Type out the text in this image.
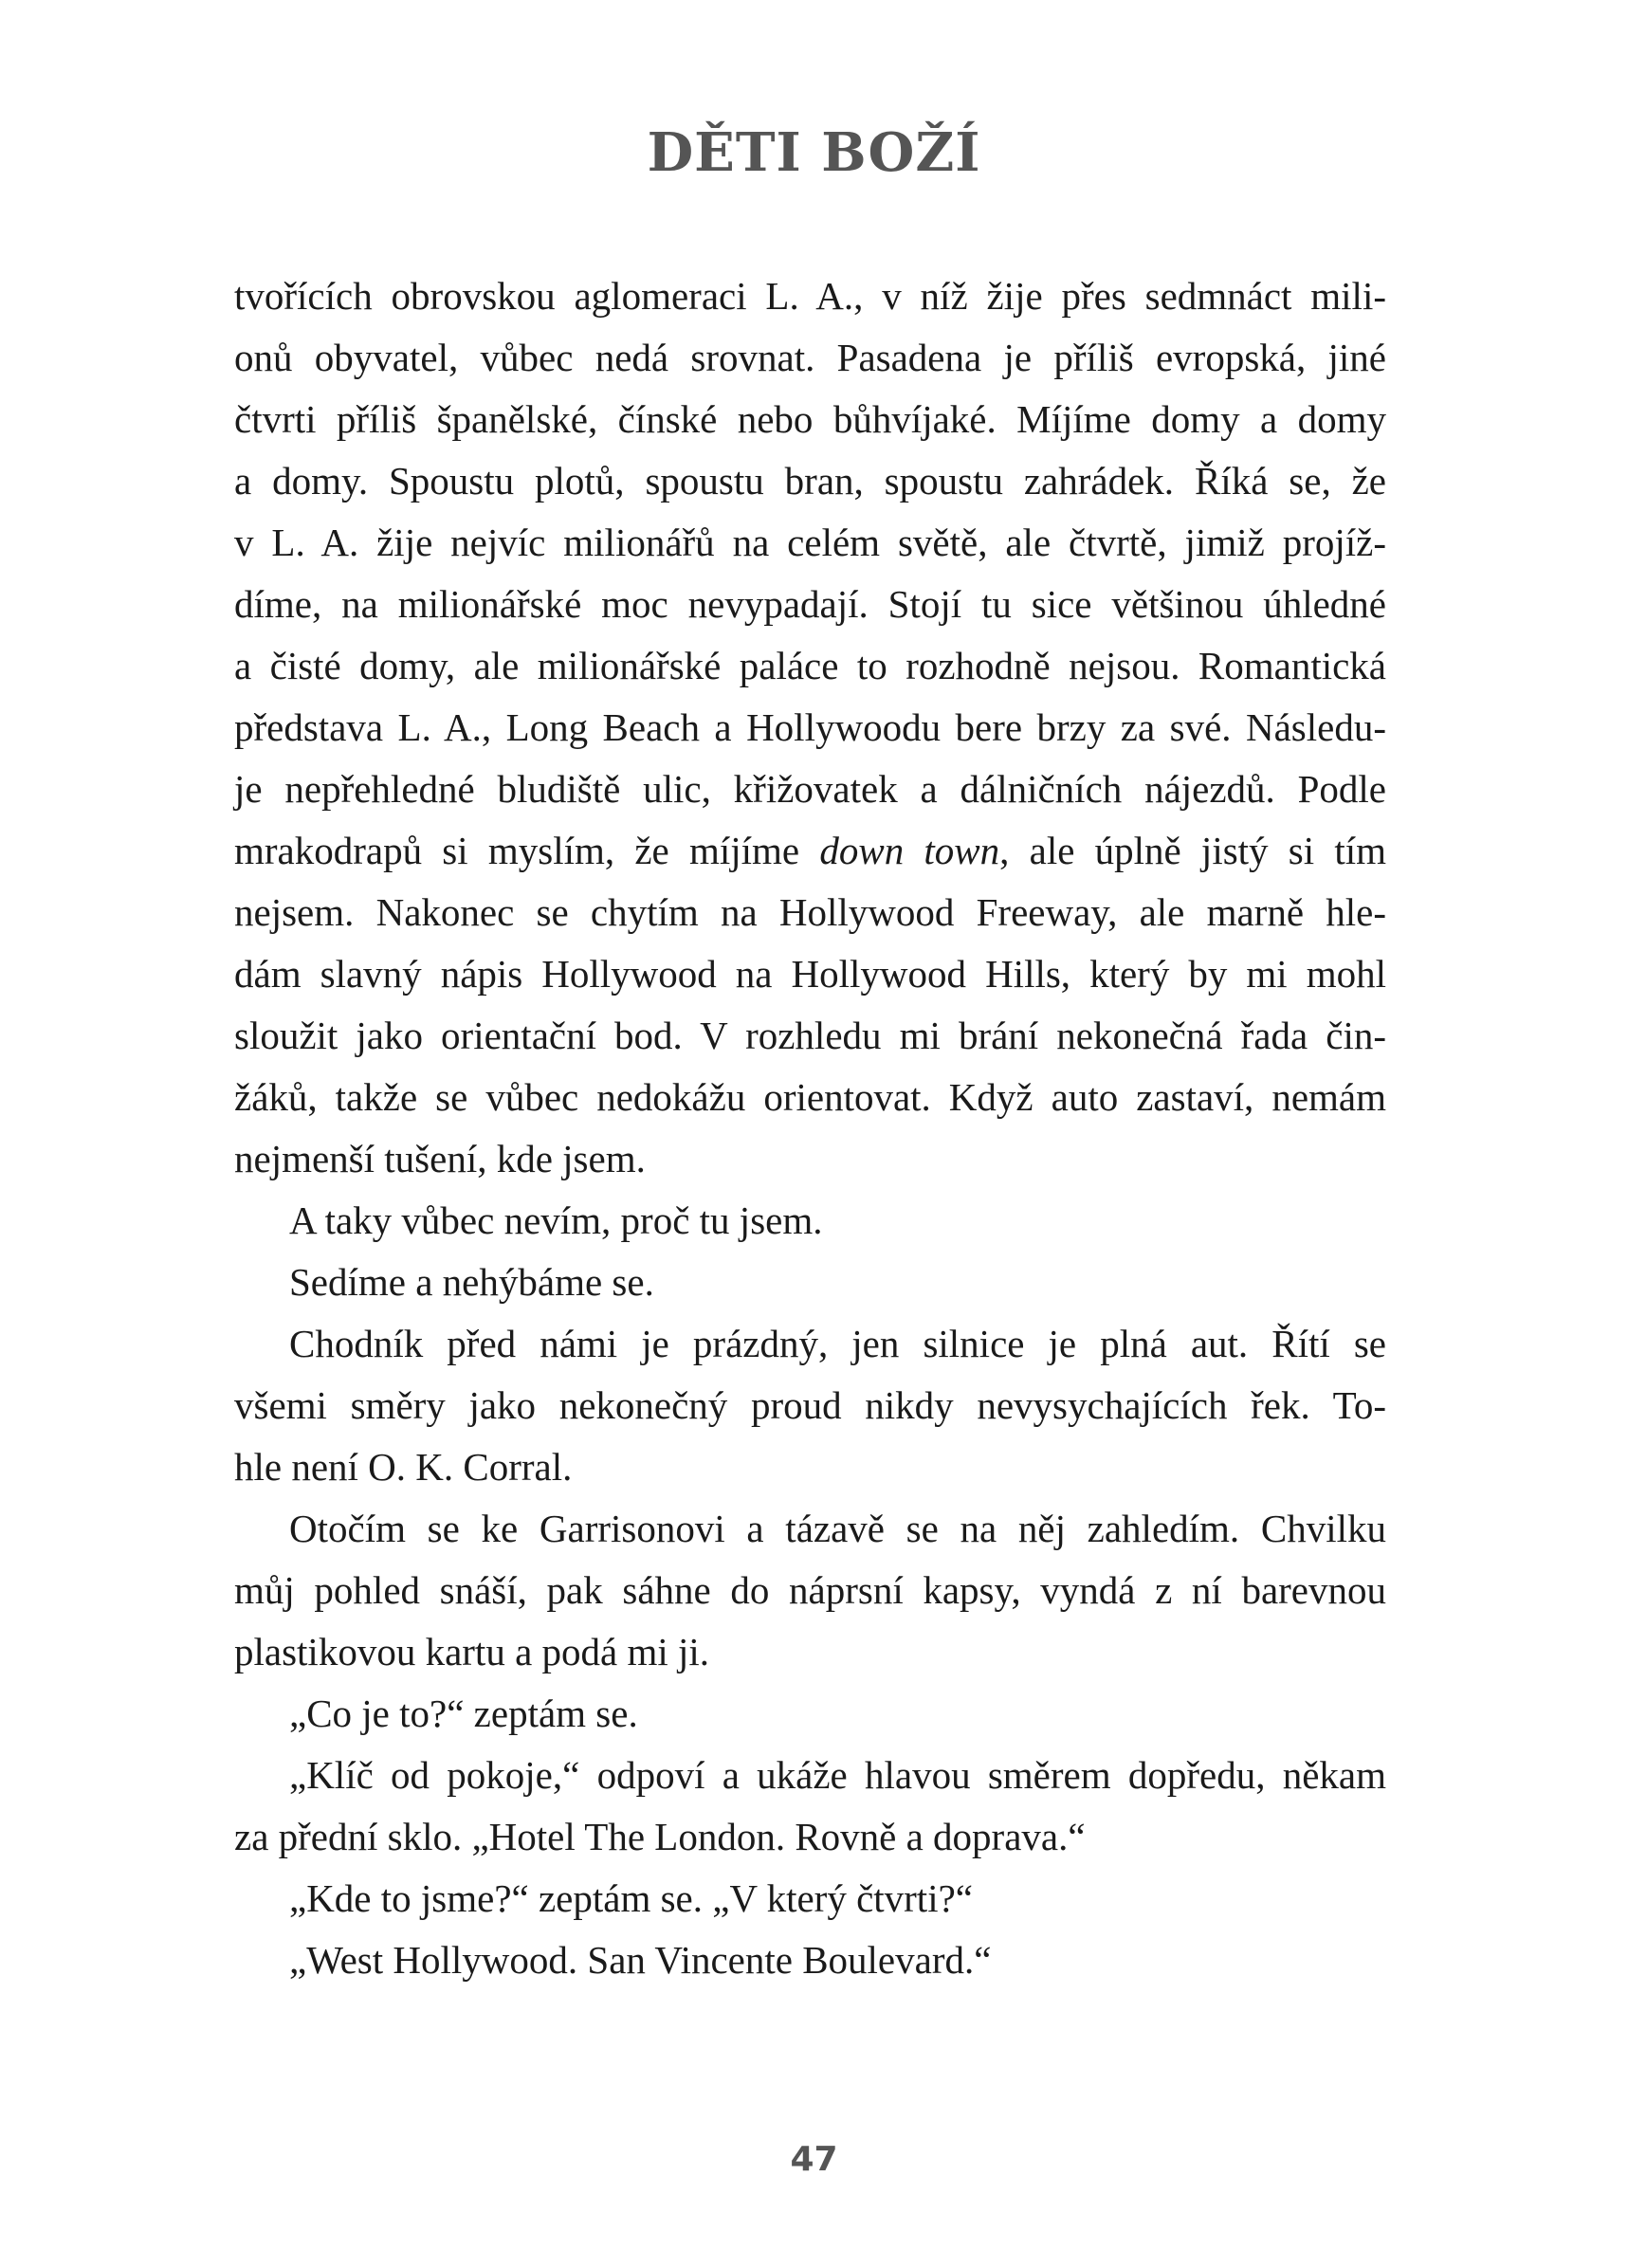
DĚTI BOŽÍ
tvořících obrovskou aglomeraci L. A., v níž žije přes sedmnáct mili-
onů obyvatel, vůbec nedá srovnat. Pasadena je příliš evropská, jiné
čtvrti příliš španělské, čínské nebo bůhvíjaké. Míjíme domy a domy
a domy. Spoustu plotů, spoustu bran, spoustu zahrádek. Říká se, že
v L. A. žije nejvíc milionářů na celém světě, ale čtvrtě, jimiž projíž-
díme, na milionářské moc nevypadají. Stojí tu sice většinou úhledné
a čisté domy, ale milionářské paláce to rozhodně nejsou. Romantická
představa L. A., Long Beach a Hollywoodu bere brzy za své. Následu-
je nepřehledné bludiště ulic, křižovatek a dálničních nájezdů. Podle
mrakodrapů si myslím, že míjíme down town, ale úplně jistý si tím
nejsem. Nakonec se chytím na Hollywood Freeway, ale marně hle-
dám slavný nápis Hollywood na Hollywood Hills, který by mi mohl
sloužit jako orientační bod. V rozhledu mi brání nekonečná řada čin-
žáků, takže se vůbec nedokážu orientovat. Když auto zastaví, nemám
nejmenší tušení, kde jsem.
A taky vůbec nevím, proč tu jsem.
Sedíme a nehýbáme se.
Chodník před námi je prázdný, jen silnice je plná aut. Řítí se
všemi směry jako nekonečný proud nikdy nevysychajících řek. To-
hle není O. K. Corral.
Otočím se ke Garrisonovi a tázavě se na něj zahledím. Chvilku
můj pohled snáší, pak sáhne do náprsní kapsy, vyndá z ní barevnou
plastikovou kartu a podá mi ji.
„Co je to?“ zeptám se.
„Klíč od pokoje,“ odpoví a ukáže hlavou směrem dopředu, někam
za přední sklo. „Hotel The London. Rovně a doprava.“
„Kde to jsme?“ zeptám se. „V který čtvrti?“
„West Hollywood. San Vincente Boulevard.“
47
